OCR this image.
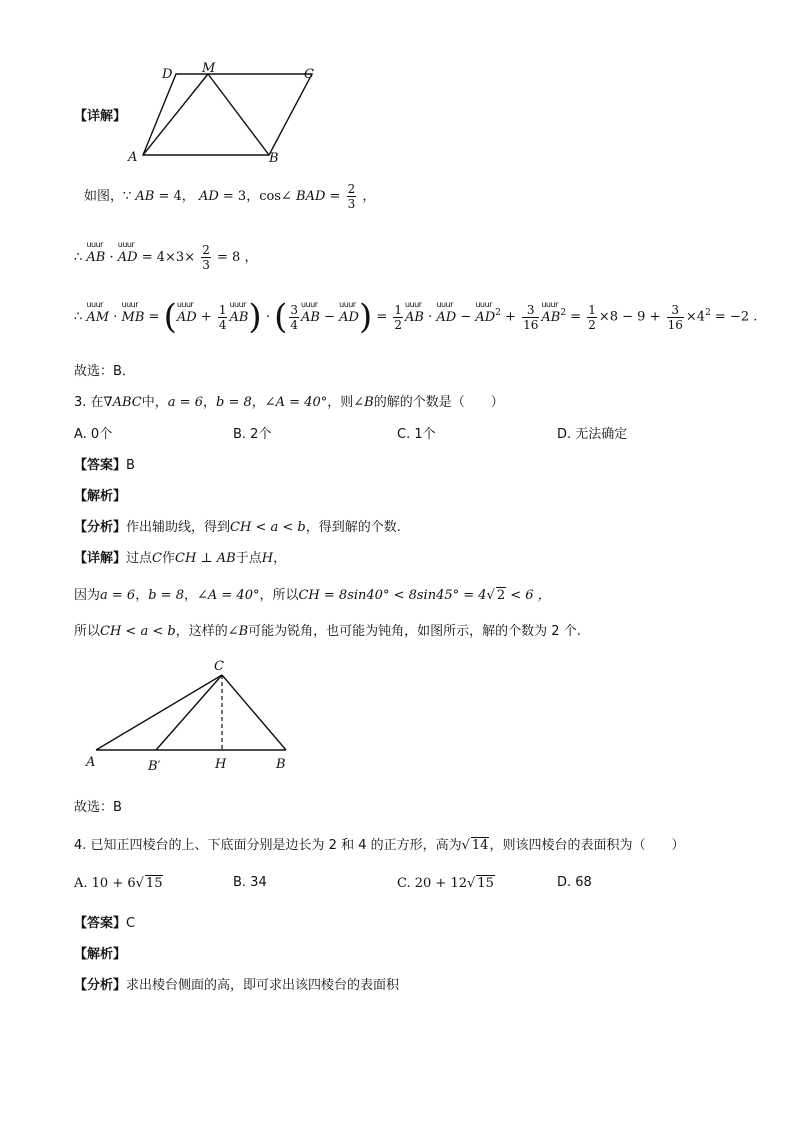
D M	C
A	B
【详解】
如图，∵ AB = 4， AD = 3，cos∠ BAD = $\frac{2}{3}$ ，
∴ uuur AB · uuur AD = $4\times 3\times \frac{2}{3} = 8$ ，
∴ uuur AM · uuur MB = (uuur AD + $\frac{1}{4}$ uuur AB) · ( $\frac{3}{4}$ uuur AB − uuur $AD) = \frac{1}{2}$ uuur AB · uuur AD − uuur $AD^2 + \frac{3}{16}$ uuur $AB^2 = \frac{1}{2} \times 8 - 9 + \frac{3}{16} \times 4^2 = -2$ .
故选：B．
3. 在∇ABC中，a = 6，b = 8，∠A = 40°，则∠B的解的个数是（　　）
A. 0个	B. 2个	C. 1个	D. 无法确定
【答案】B
【解析】
【分析】作出辅助线，得到CH < a < b，得到解的个数.
【详解】过点C作CH ⊥ AB于点H，
因为a = 6，b = 8，∠A = 40°，所以CH = 8sin40° < 8sin45° = 4√ 2 < 6 ，
所以CH < a < b，这样的∠B可能为锐角，也可能为钝角，如图所示，解的个数为 2 个.
C
A	B′	H	B
故选：B
4. 已知正四棱台的上、下底面分别是边长为 2 和 4 的正方形，高为√ 14，则该四棱台的表面积为（　　）
A. 10 + 6√ 15	B. 34	C. 20 + 12√ 15	D. 68
【答案】C
【解析】
【分析】求出棱台侧面的高，即可求出该四棱台的表面积
